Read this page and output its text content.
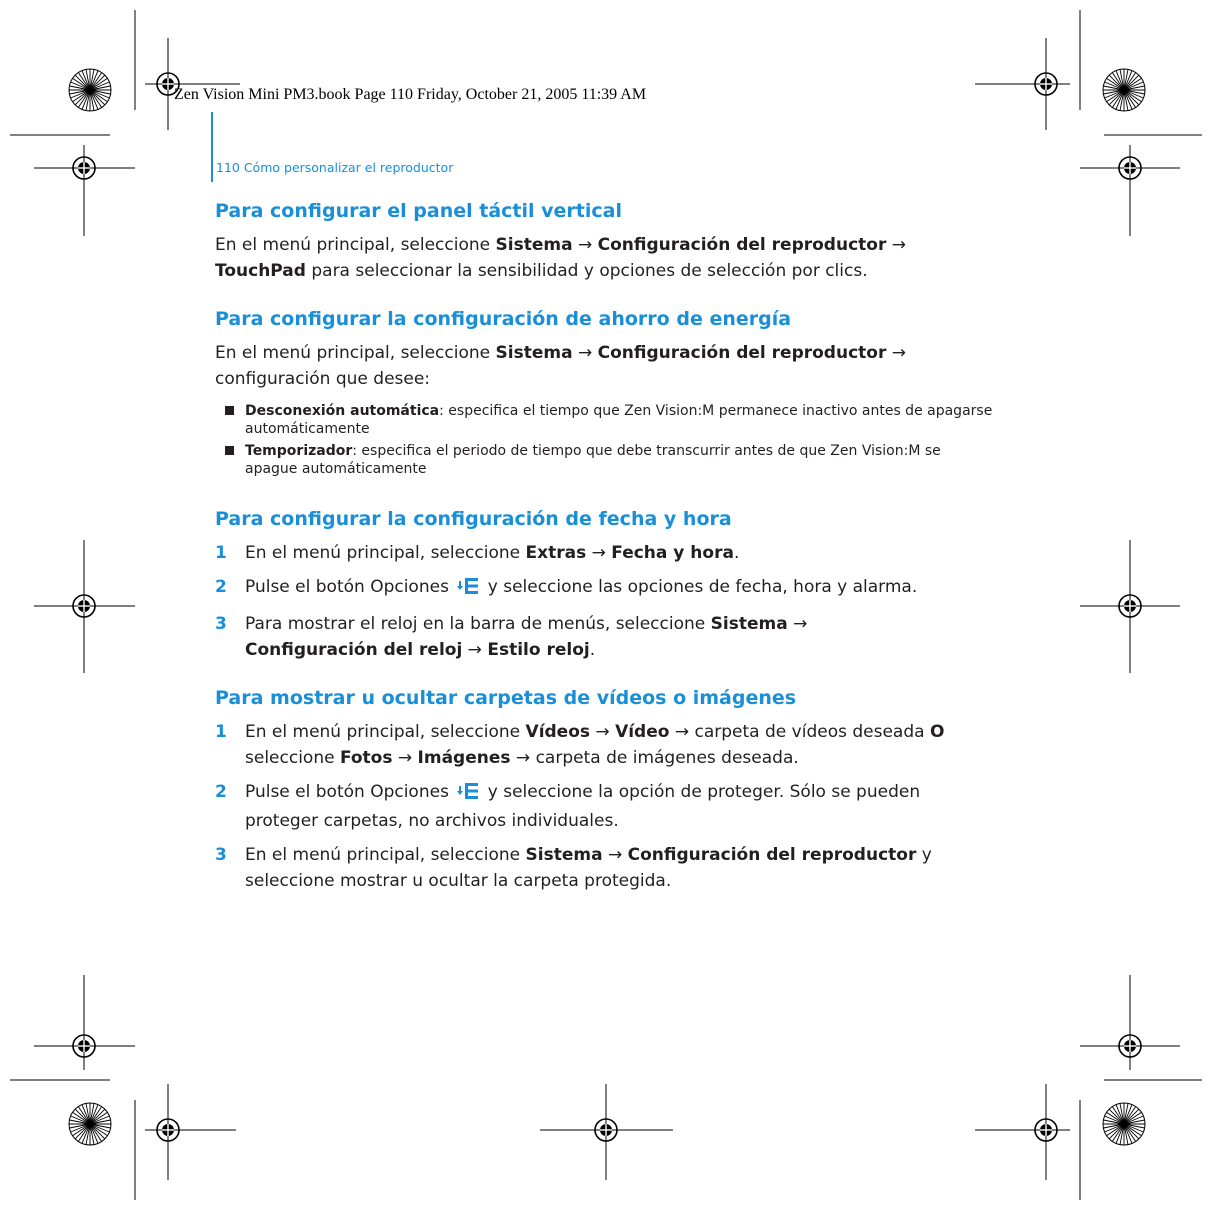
Zen Vision Mini PM3.book Page 110 Friday, October 21, 2005 11:39 AM
110 Cómo personalizar el reproductor
Para configurar el panel táctil vertical

En el menú principal, seleccione Sistema → Configuración del reproductor → TouchPad para seleccionar la sensibilidad y opciones de selección por clics.

Para configurar la configuración de ahorro de energía

En el menú principal, seleccione Sistema → Configuración del reproductor →
configuración que desee:

Desconexión automática: especifica el tiempo que Zen Vision:M permanece inactivo antes de apagarse automáticamente
Temporizador: especifica el periodo de tiempo que debe transcurrir antes de que Zen Vision:M se apague automáticamente
Para configurar la configuración de fecha y hora
1 En el menú principal, seleccione Extras → Fecha y hora.
2 Pulse el botón Opciones  y seleccione las opciones de fecha, hora y alarma.
3 Para mostrar el reloj en la barra de menús, seleccione Sistema →
Configuración del reloj → Estilo reloj.
Para mostrar u ocultar carpetas de vídeos o imágenes
1 En el menú principal, seleccione Vídeos → Vídeo → carpeta de vídeos deseada O seleccione Fotos → Imágenes → carpeta de imágenes deseada.
2 Pulse el botón Opciones  y seleccione la opción de proteger. Sólo se pueden proteger carpetas, no archivos individuales.
3 En el menú principal, seleccione Sistema → Configuración del reproductor y seleccione mostrar u ocultar la carpeta protegida.
